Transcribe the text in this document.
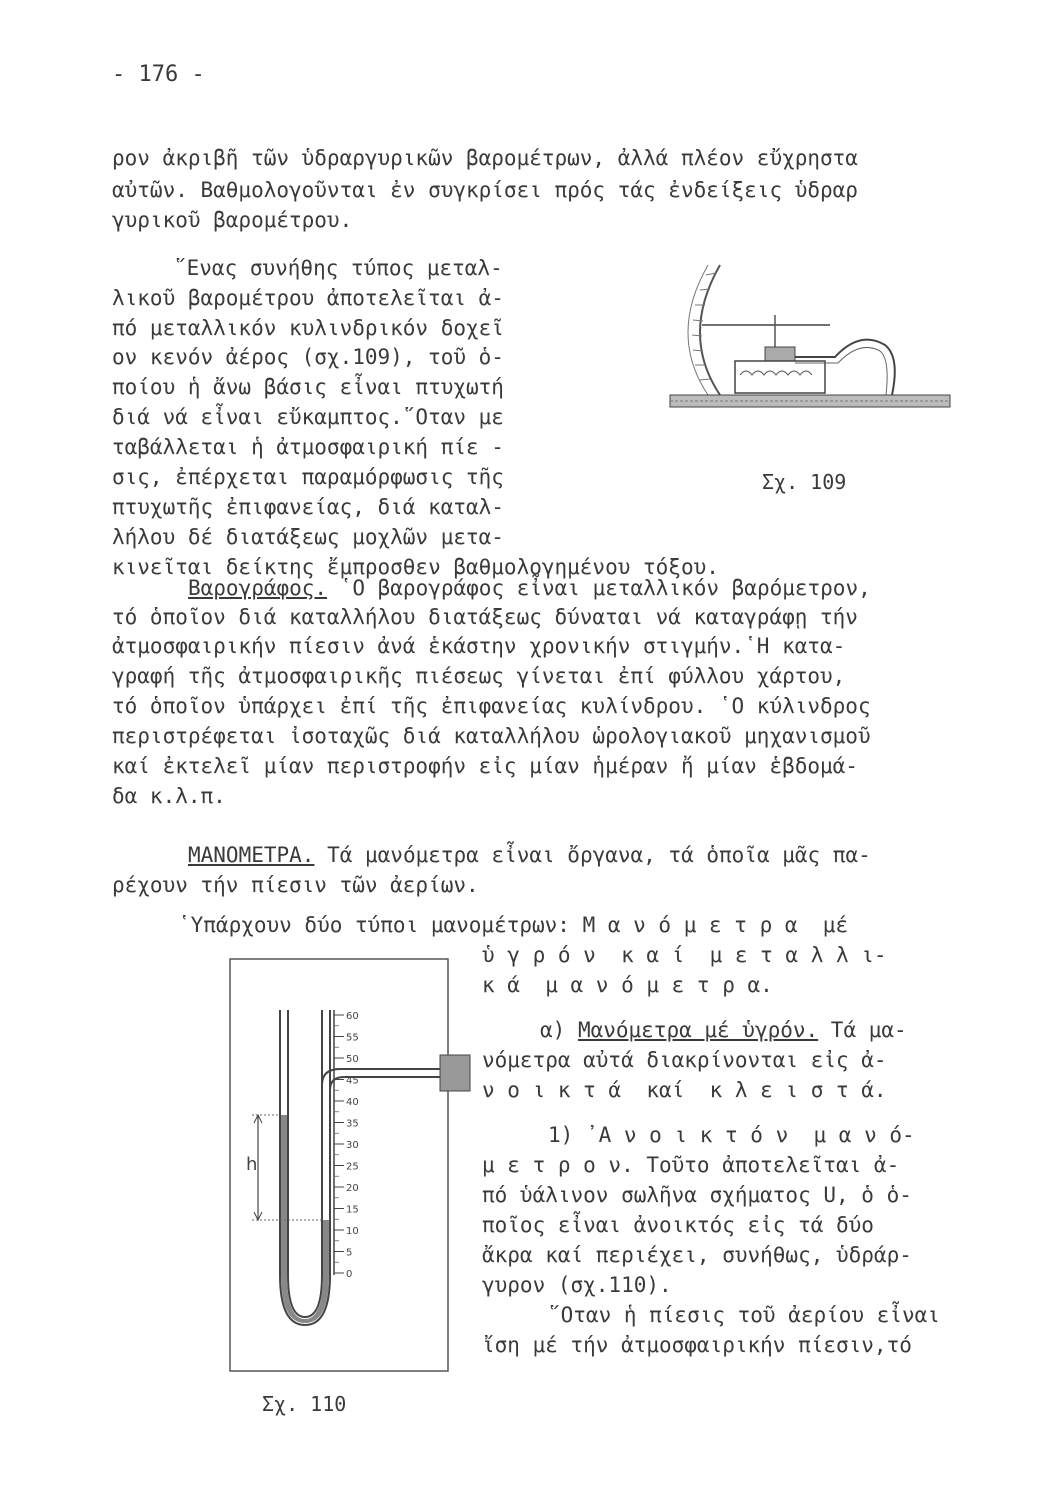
- 176 -
ρον ἀκριβῆ τῶν ὑδραργυρικῶν βαρομέτρων, ἀλλά πλέον εὔχρηστα
αὐτῶν. Βαθμολογοῦνται ἐν συγκρίσει πρός τάς ἐνδείξεις ὑδραρ
γυρικοῦ βαρομέτρου.
῞Ενας συνήθης τύπος μεταλ-
λικοῦ βαρομέτρου ἀποτελεῖται ἀ-
πό μεταλλικόν κυλινδρικόν δοχεῖ
ον κενόν ἀέρος (σχ.109), τοῦ ὁ-
ποίου ἡ ἄνω βάσις εἶναι πτυχωτή
διά νά εἶναι εὔκαμπτος.῞Οταν με
ταβάλλεται ἡ ἀτμοσφαιρική πίε -
σις, ἐπέρχεται παραμόρφωσις τῆς
πτυχωτῆς ἐπιφανείας, διά καταλ-
λήλου δέ διατάξεως μοχλῶν μετα-
κινεῖται δείκτης ἔμπροσθεν βαθμολογημένου τόξου.
Σχ. 109
Βαρογράφος. ῾Ο βαρογράφος εἶναι μεταλλικόν βαρόμετρον,
τό ὁποῖον διά καταλλήλου διατάξεως δύναται νά καταγράφῃ τήν
ἀτμοσφαιρικήν πίεσιν ἀνά ἑκάστην χρονικήν στιγμήν.῾Η κατα-
γραφή τῆς ἀτμοσφαιρικῆς πιέσεως γίνεται ἐπί φύλλου χάρτου,
τό ὁποῖον ὑπάρχει ἐπί τῆς ἐπιφανείας κυλίνδρου. ῾Ο κύλινδρος
περιστρέφεται ἰσοταχῶς διά καταλλήλου ὡρολογιακοῦ μηχανισμοῦ
καί ἐκτελεῖ μίαν περιστροφήν εἰς μίαν ἡμέραν ἤ μίαν ἑβδομά-
δα κ.λ.π.
ΜΑΝΟΜΕΤΡΑ. Τά μανόμετρα εἶναι ὄργανα, τά ὁποῖα μᾶς πα-
ρέχουν τήν πίεσιν τῶν ἀερίων.
῾Υπάρχουν δύο τύποι μανομέτρων: Μ α ν ό μ ε τ ρ α  μέ
ὑ γ ρ ό ν  κ α ί  μ ε τ α λ λ ι-
κ ά  μ α ν ό μ ε τ ρ α.
α) Μανόμετρα μέ ὑγρόν. Τά μα-
νόμετρα αὐτά διακρίνονται εἰς ἀ-
ν ο ι κ τ ά  καί  κ λ ε ι σ τ ά.
1) ᾿Α ν ο ι κ τ ό ν  μ α ν ό-
μ ε τ ρ ο ν. Τοῦτο ἀποτελεῖται ἀ-
πό ὑάλινον σωλῆνα σχήματος U, ὁ ὁ-
ποῖος εἶναι ἀνοικτός εἰς τά δύο
ἄκρα καί περιέχει, συνήθως, ὑδράρ-
γυρον (σχ.110).
῞Οταν ἡ πίεσις τοῦ ἀερίου εἶναι
ἴση μέ τήν ἀτμοσφαιρικήν πίεσιν,τό
60
55
50
45
40
35
30
25
20
15
10
5
0
h
Σχ. 110
